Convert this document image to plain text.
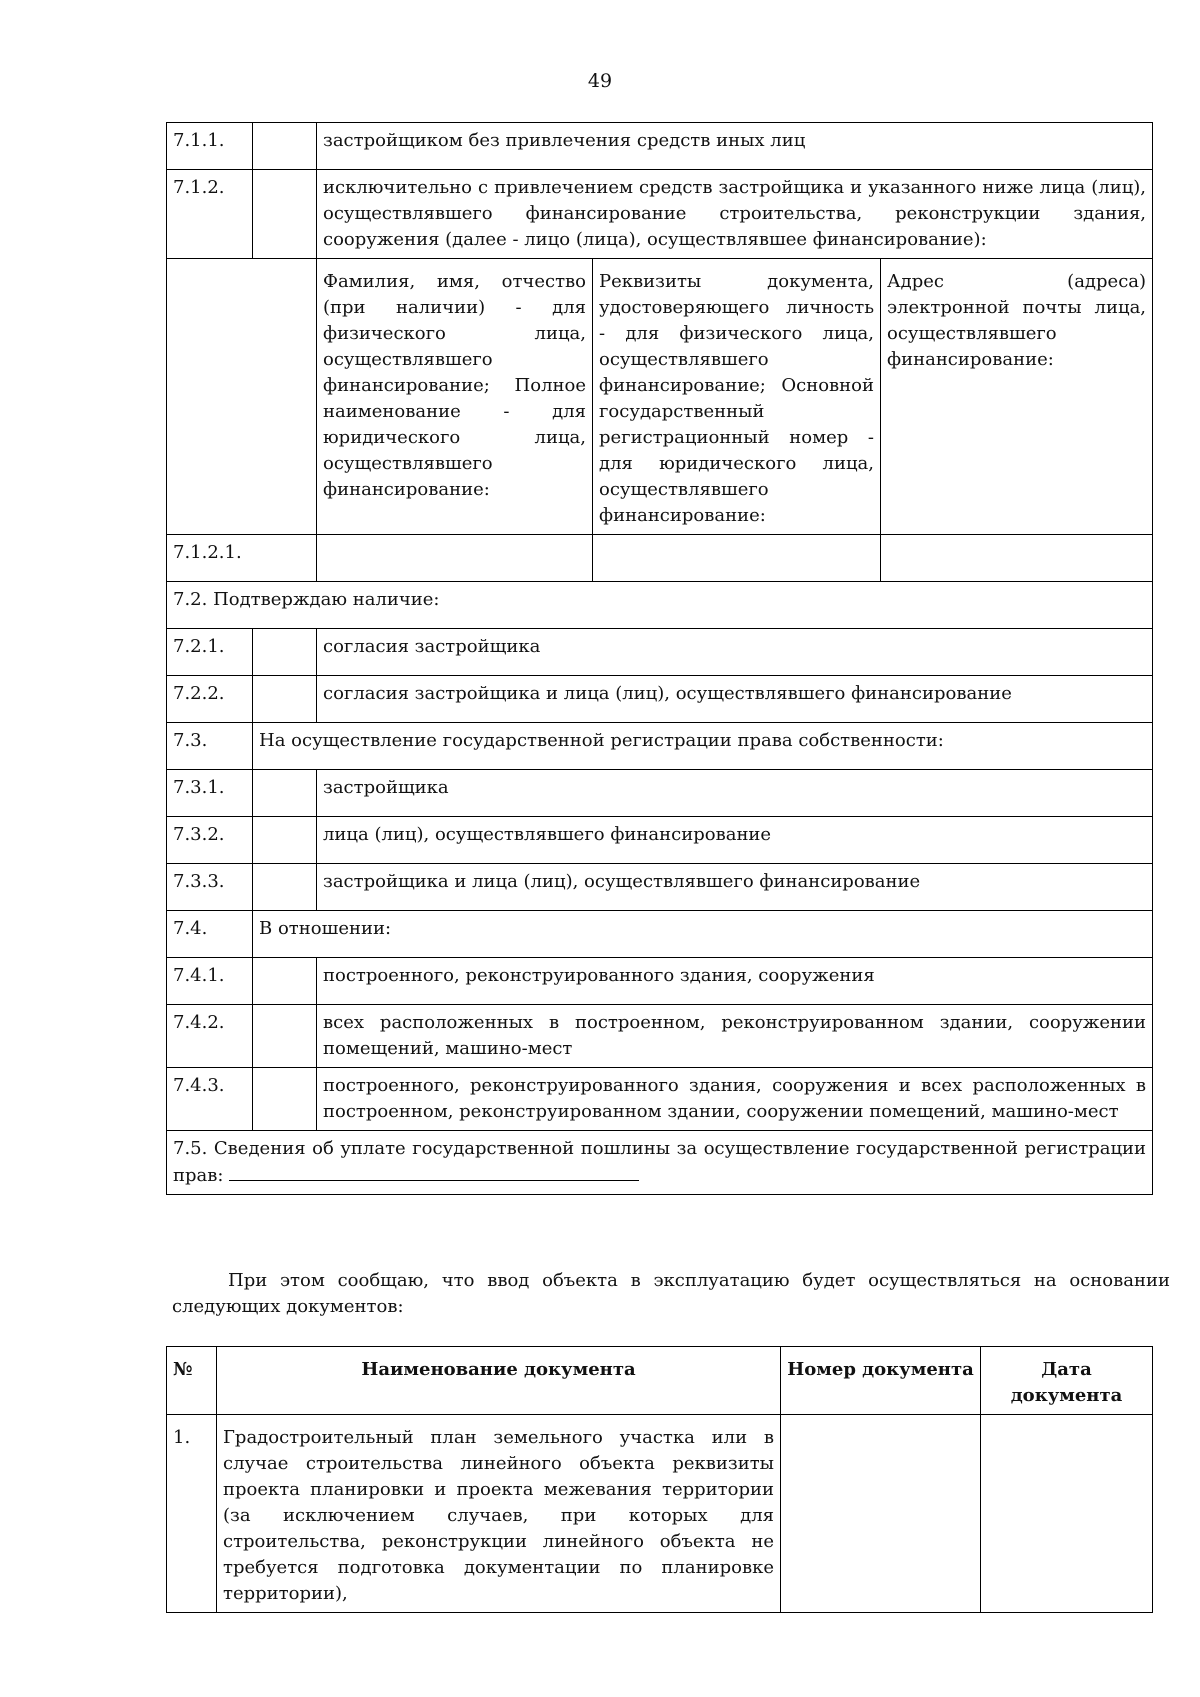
49
7.1.1.		застройщиком без привлечения средств иных лиц		
7.1.2.		исключительно с привлечением средств застройщика и указанного ниже лица (лиц), осуществлявшего финансирование строительства, реконструкции здания, сооружения (далее - лицо (лица), осуществлявшее финансирование):		
		Фамилия, имя, отчество (при наличии) - для физического лица, осуществлявшего финансирование; Полное наименование - для юридического лица, осуществлявшего финансирование:	Реквизиты документа, удостоверяющего личность - для физического лица, осуществлявшего финансирование; Основной государственный регистрационный номер - для юридического лица, осуществлявшего финансирование:	Адрес (адреса) электронной почты лица, осуществлявшего финансирование:
7.1.2.1.				
7.2. Подтверждаю наличие:				
7.2.1.		согласия застройщика		
7.2.2.		согласия застройщика и лица (лиц), осуществлявшего финансирование		
7.3.	На осуществление государственной регистрации права собственности:			
7.3.1.		застройщика		
7.3.2.		лица (лиц), осуществлявшего финансирование		
7.3.3.		застройщика и лица (лиц), осуществлявшего финансирование		
7.4.	В отношении:			
7.4.1.		построенного, реконструированного здания, сооружения		
7.4.2.		всех расположенных в построенном, реконструированном здании, сооружении помещений, машино-мест		
7.4.3.		построенного, реконструированного здания, сооружения и всех расположенных в построенном, реконструированном здании, сооружении помещений, машино-мест		
7.5. Сведения об уплате государственной пошлины за осуществление государственной регистрации прав:				

При этом сообщаю, что ввод объекта в эксплуатацию будет осуществляться на основании следующих документов:

№	Наименование документа	Номер документа	Дата документа
1.	Градостроительный план земельного участка или в случае строительства линейного объекта реквизиты проекта планировки и проекта межевания территории (за исключением случаев, при которых для строительства, реконструкции линейного объекта не требуется подготовка документации по планировке территории),		
